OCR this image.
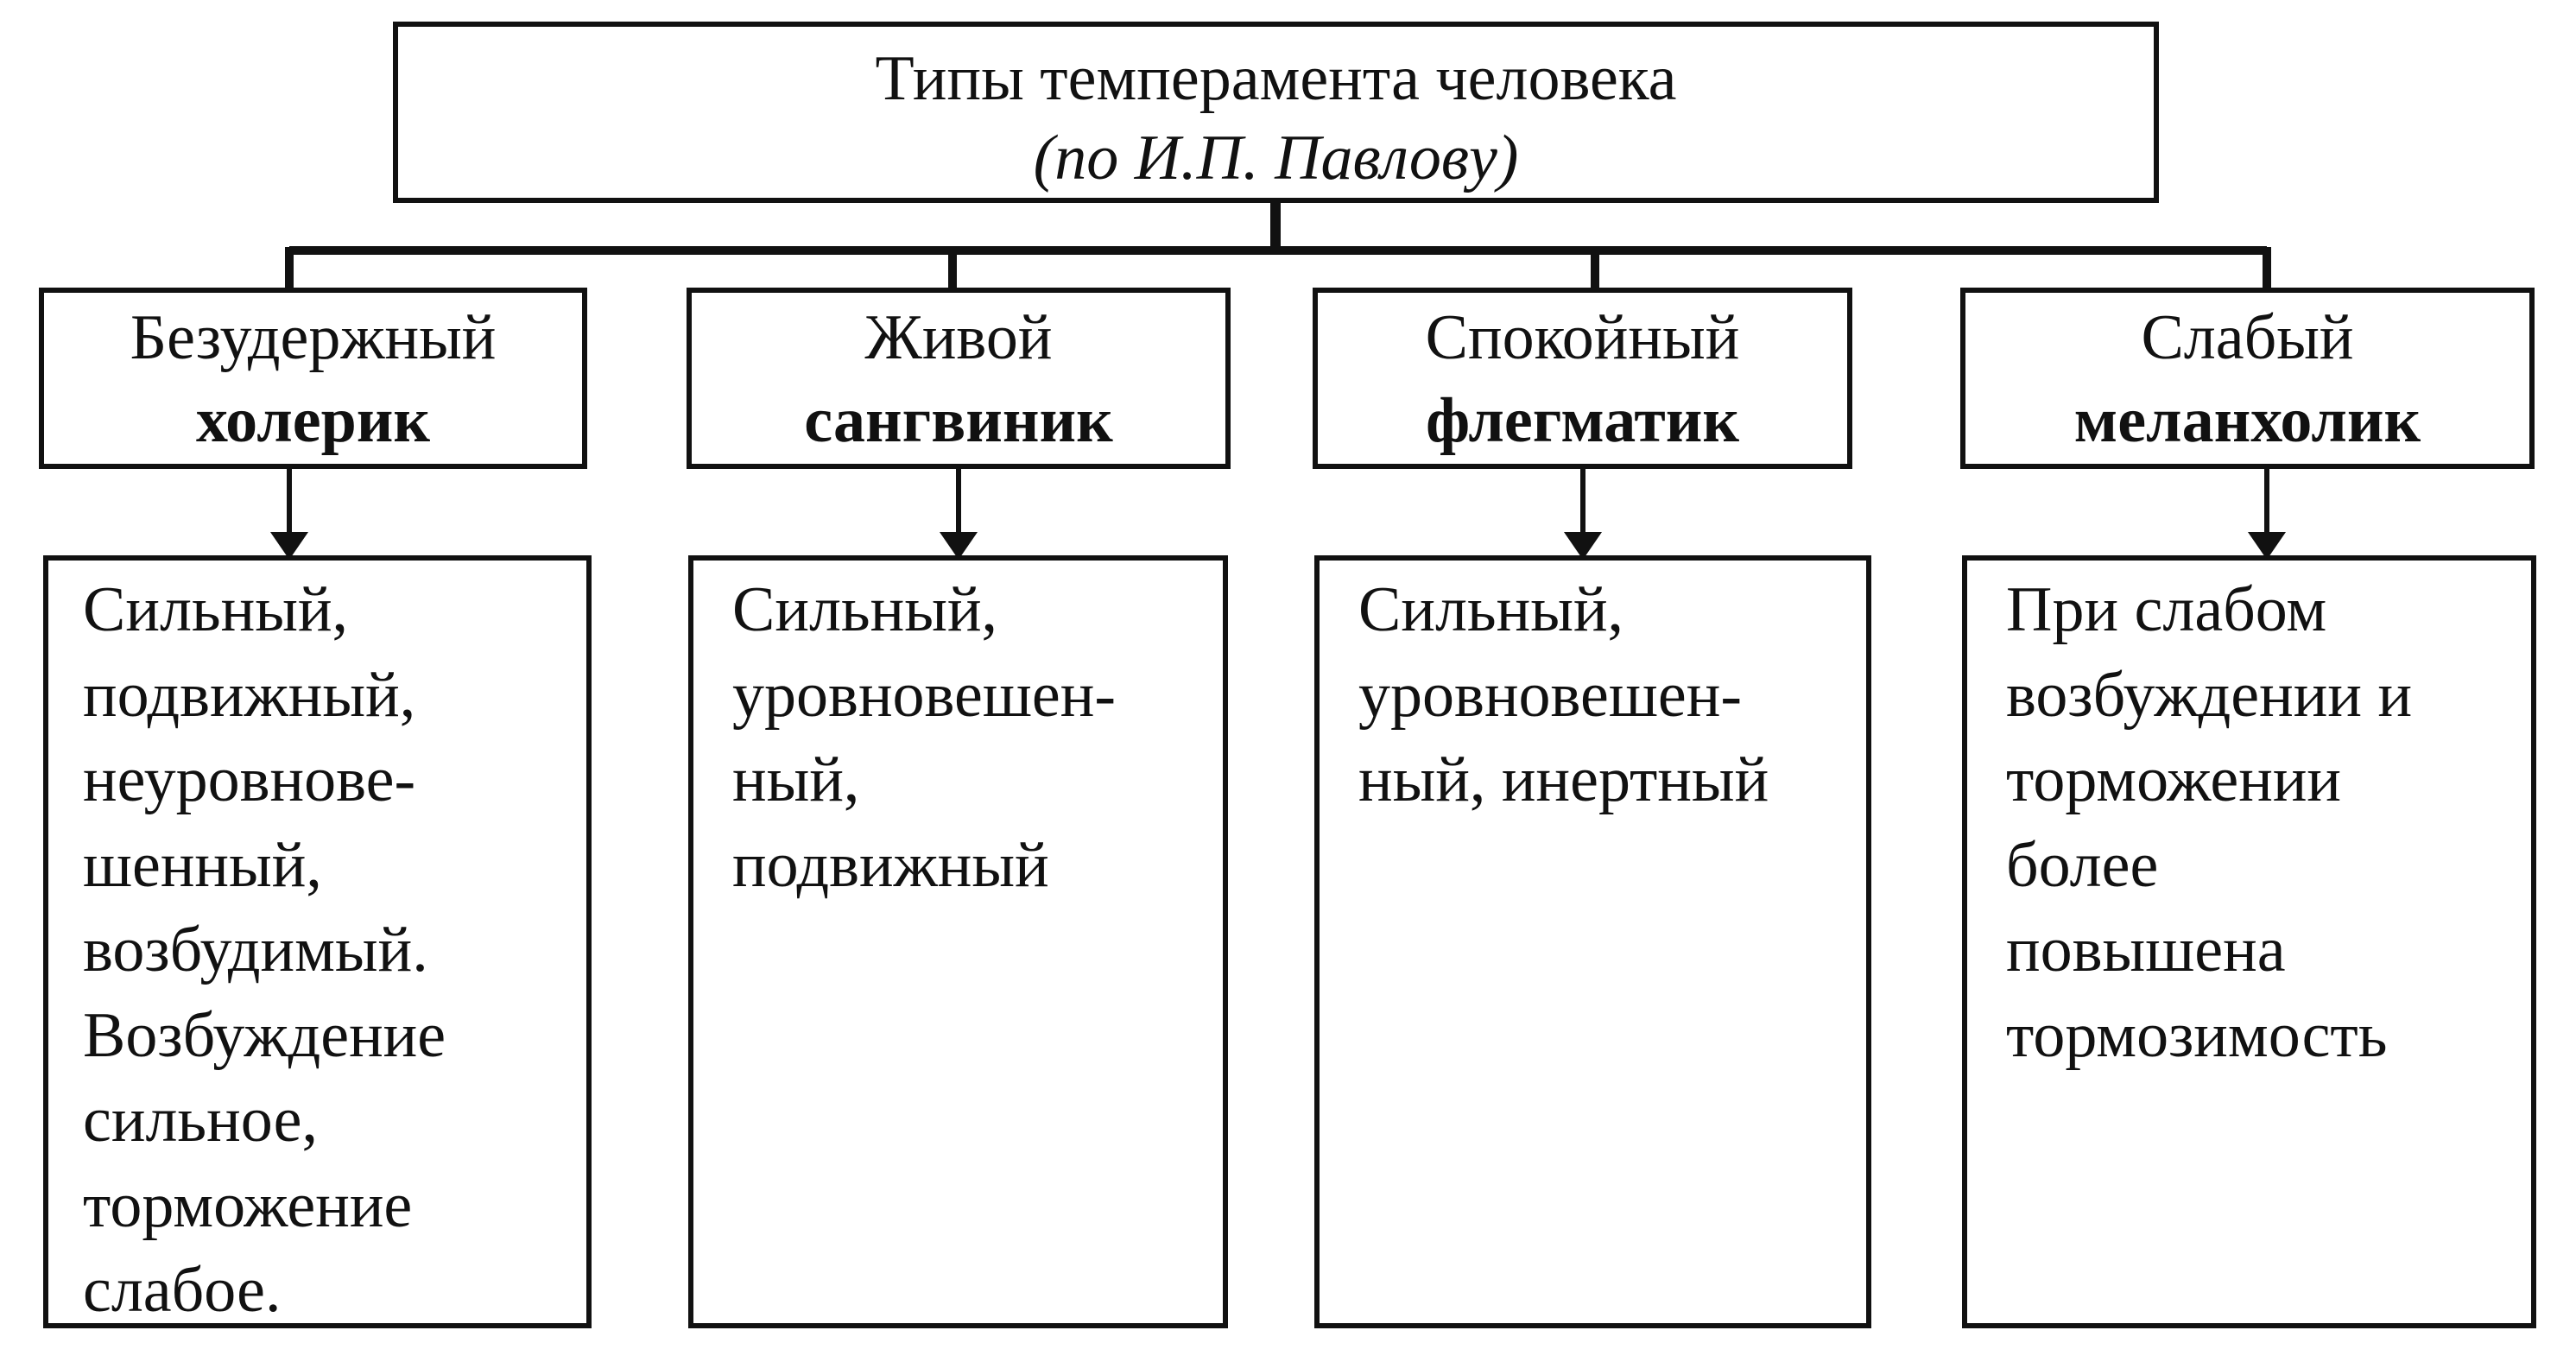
Типы темперамента человека
(по И.П. Павлову)
Безудержный
холерик
Живой
сангвиник
Спокойный
флегматик
Слабый
меланхолик
Сильный,
подвижный,
неуровнове-
шенный,
возбудимый.
Возбуждение
сильное,
торможение
слабое.
Сильный,
уровновешен-
ный,
подвижный
Сильный,
уровновешен-
ный, инертный
При слабом
возбуждении и
торможении
более
повышена
тормозимость
